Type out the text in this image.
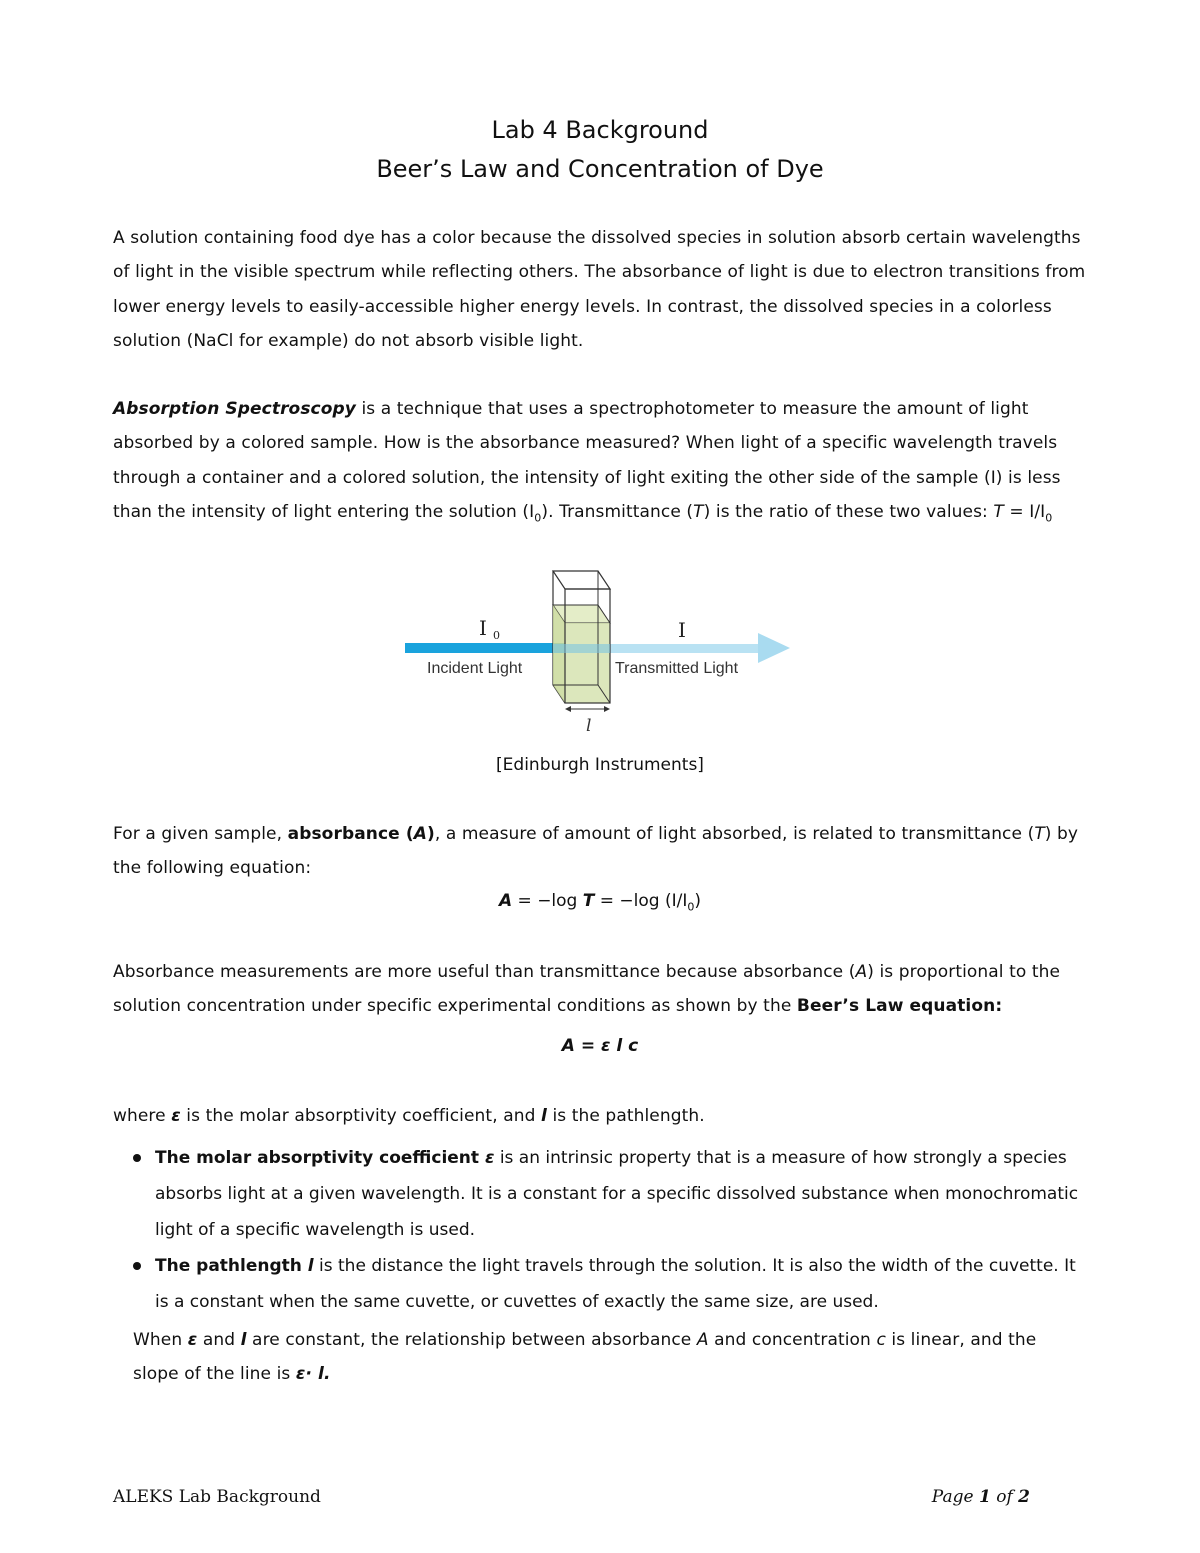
Lab 4 Background
Beer’s Law and Concentration of Dye
A solution containing food dye has a color because the dissolved species in solution absorb certain wavelengths of light in the visible spectrum while reflecting others. The absorbance of light is due to electron transitions from lower energy levels to easily-accessible higher energy levels. In contrast, the dissolved species in a colorless solution (NaCl for example) do not absorb visible light.
Absorption Spectroscopy is a technique that uses a spectrophotometer to measure the amount of light absorbed by a colored sample. How is the absorbance measured? When light of a specific wavelength travels through a container and a colored solution, the intensity of light exiting the other side of the sample (I) is less than the intensity of light entering the solution $(I_0)$. Transmittance (T) is the ratio of these two values: $T = I/I_0$
I 0	I
Incident Light	Transmitted Light
l
[Edinburgh Instruments]
For a given sample, absorbance (A), a measure of amount of light absorbed, is related to transmittance (T) by the following equation:
A = −log T = −log $(I/I_0)$
Absorbance measurements are more useful than transmittance because absorbance (A) is proportional to the solution concentration under specific experimental conditions as shown by the Beer’s Law equation:
A = ε l c
where ε is the molar absorptivity coefficient, and l is the pathlength.
The molar absorptivity coefficient ε is an intrinsic property that is a measure of how strongly a species absorbs light at a given wavelength. It is a constant for a specific dissolved substance when monochromatic light of a specific wavelength is used.
The pathlength l is the distance the light travels through the solution. It is also the width of the cuvette. It is a constant when the same cuvette, or cuvettes of exactly the same size, are used.
When ε and l are constant, the relationship between absorbance A and concentration c is linear, and the slope of the line is ε· l.
ALEKS Lab Background	Page 1 of 2
